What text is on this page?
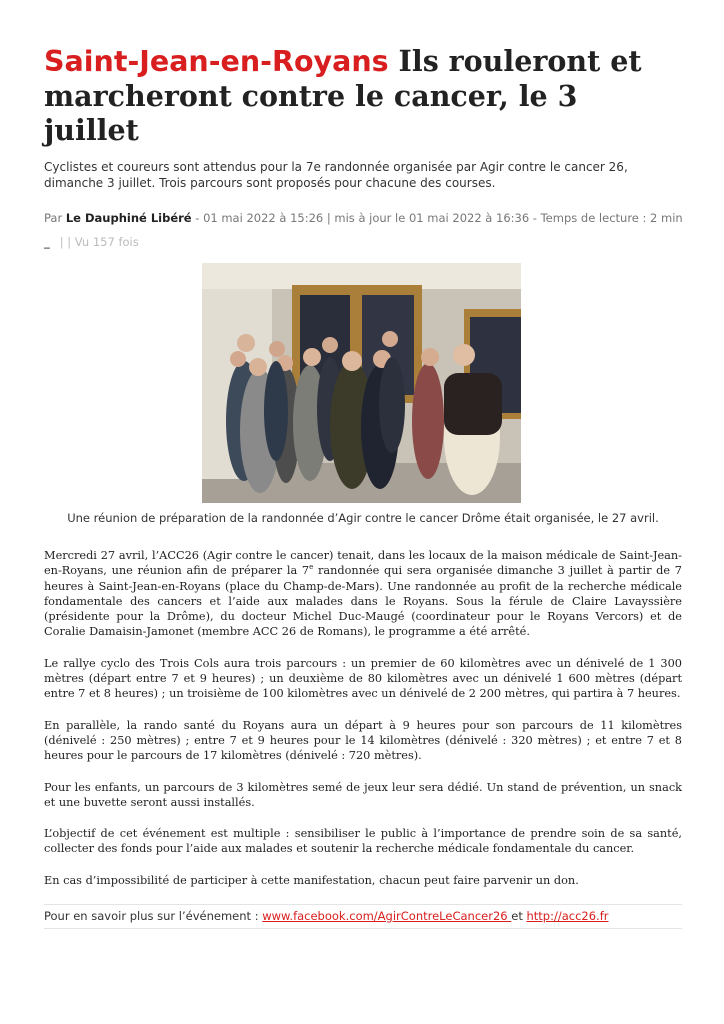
Saint-Jean-en-Royans Ils rouleront et marcheront contre le cancer, le 3 juillet

Cyclistes et coureurs sont attendus pour la 7e randonnée organisée par Agir contre le cancer 26, dimanche 3 juillet. Trois parcours sont proposés pour chacune des courses.

Par Le Dauphiné Libéré - 01 mai 2022 à 15:26 | mis à jour le 01 mai 2022 à 16:36 - Temps de lecture : 2 min
_ | | Vu 157 fois
Une réunion de préparation de la randonnée d’Agir contre le cancer Drôme était organisée, le 27 avril.

Mercredi 27 avril, l’ACC26 (Agir contre le cancer) tenait, dans les locaux de la maison médicale de Saint-Jean-en-Royans, une réunion afin de préparer la 7e randonnée qui sera organisée dimanche 3 juillet à partir de 7 heures à Saint-Jean-en-Royans (place du Champ-de-Mars). Une randonnée au profit de la recherche médicale fondamentale des cancers et l’aide aux malades dans le Royans. Sous la férule de Claire Lavayssière (présidente pour la Drôme), du docteur Michel Duc-Maugé (coordinateur pour le Royans Vercors) et de Coralie Damaisin-Jamonet (membre ACC 26 de Romans), le programme a été arrêté.

Le rallye cyclo des Trois Cols aura trois parcours : un premier de 60 kilomètres avec un dénivelé de 1 300 mètres (départ entre 7 et 9 heures) ; un deuxième de 80 kilomètres avec un dénivelé 1 600 mètres (départ entre 7 et 8 heures) ; un troisième de 100 kilomètres avec un dénivelé de 2 200 mètres, qui partira à 7 heures.

En parallèle, la rando santé du Royans aura un départ à 9 heures pour son parcours de 11 kilomètres (dénivelé : 250 mètres) ; entre 7 et 9 heures pour le 14 kilomètres (dénivelé : 320 mètres) ; et entre 7 et 8 heures pour le parcours de 17 kilomètres (dénivelé : 720 mètres).

Pour les enfants, un parcours de 3 kilomètres semé de jeux leur sera dédié. Un stand de prévention, un snack et une buvette seront aussi installés.

L’objectif de cet événement est multiple : sensibiliser le public à l’importance de prendre soin de sa santé, collecter des fonds pour l’aide aux malades et soutenir la recherche médicale fondamentale du cancer.

En cas d’impossibilité de participer à cette manifestation, chacun peut faire parvenir un don.

Pour en savoir plus sur l’événement : www.facebook.com/AgirContreLeCancer26 et http://acc26.fr
